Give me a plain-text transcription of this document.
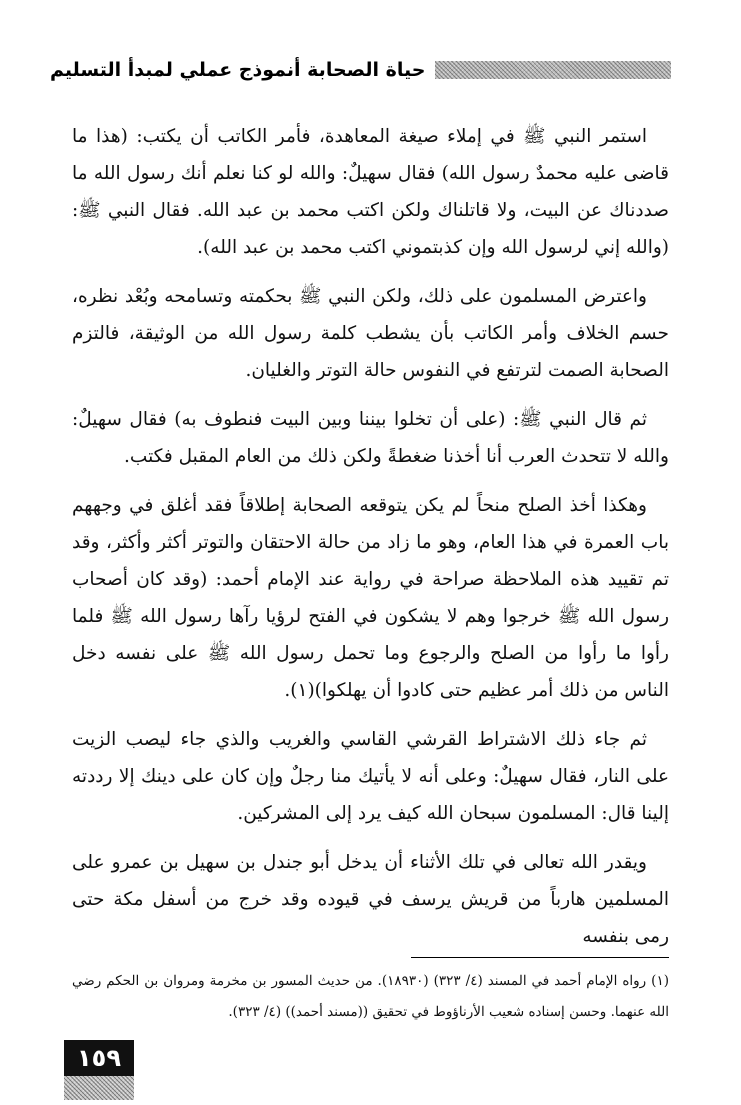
حياة الصحابة أنموذج عملي لمبدأ التسليم

استمر النبي ﷺ في إملاء صيغة المعاهدة، فأمر الكاتب أن يكتب: (هذا ما قاضى عليه محمدٌ رسول الله) فقال سهيلٌ: والله لو كنا نعلم أنك رسول الله ما صددناك عن البيت، ولا قاتلناك ولكن اكتب محمد بن عبد الله. فقال النبي ﷺ: (والله إني لرسول الله وإن كذبتموني اكتب محمد بن عبد الله).

واعترض المسلمون على ذلك، ولكن النبي ﷺ بحكمته وتسامحه وبُعْد نظره، حسم الخلاف وأمر الكاتب بأن يشطب كلمة رسول الله من الوثيقة، فالتزم الصحابة الصمت لترتفع في النفوس حالة التوتر والغليان.

ثم قال النبي ﷺ: (على أن تخلوا بيننا وبين البيت فنطوف به) فقال سهيلٌ: والله لا تتحدث العرب أنا أخذنا ضغطةً ولكن ذلك من العام المقبل فكتب.

وهكذا أخذ الصلح منحاً لم يكن يتوقعه الصحابة إطلاقاً فقد أغلق في وجههم باب العمرة في هذا العام، وهو ما زاد من حالة الاحتقان والتوتر أكثر وأكثر، وقد تم تقييد هذه الملاحظة صراحة في رواية عند الإمام أحمد: (وقد كان أصحاب رسول الله ﷺ خرجوا وهم لا يشكون في الفتح لرؤيا رآها رسول الله ﷺ فلما رأوا ما رأوا من الصلح والرجوع وما تحمل رسول الله ﷺ على نفسه دخل الناس من ذلك أمر عظيم حتى كادوا أن يهلكوا)(١).

ثم جاء ذلك الاشتراط القرشي القاسي والغريب والذي جاء ليصب الزيت على النار، فقال سهيلٌ: وعلى أنه لا يأتيك منا رجلٌ وإن كان على دينك إلا رددته إلينا قال: المسلمون سبحان الله كيف يرد إلى المشركين.

ويقدر الله تعالى في تلك الأثناء أن يدخل أبو جندل بن سهيل بن عمرو على المسلمين هارباً من قريش يرسف في قيوده وقد خرج من أسفل مكة حتى رمى بنفسه

(١) رواه الإمام أحمد في المسند (٤/ ٣٢٣) (١٨٩٣٠). من حديث المسور بن مخرمة ومروان بن الحكم رضي الله عنهما. وحسن إسناده شعيب الأرناؤوط في تحقيق ((مسند أحمد)) (٤/ ٣٢٣).

١٥٩
